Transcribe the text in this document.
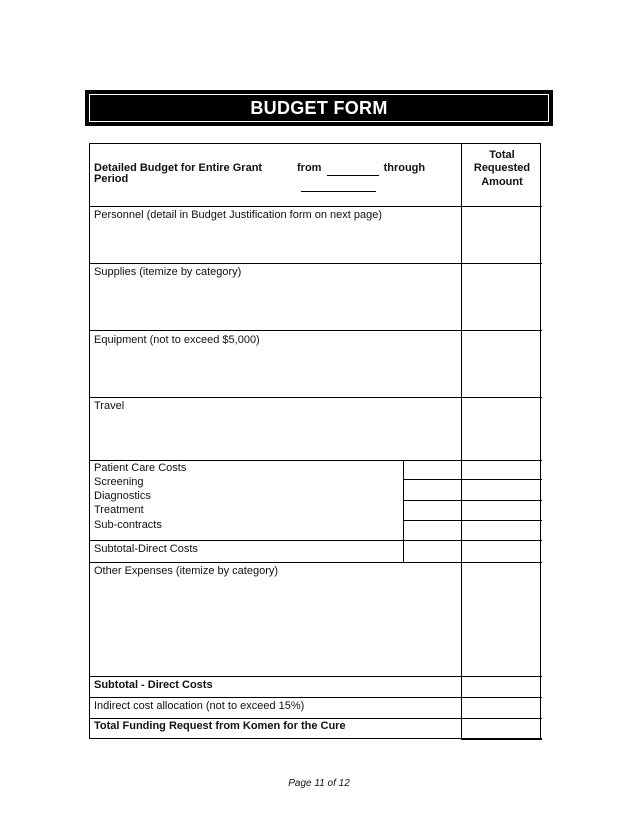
BUDGET FORM
Detailed Budget for Entire Grant
Period
from	through
Total
Requested
Amount
Personnel (detail in Budget Justification form on next page)
Supplies (itemize by category)
Equipment (not to exceed $5,000)
Travel
Patient Care Costs
Screening
Diagnostics
Treatment
Sub-contracts
Subtotal-Direct Costs
Other Expenses (itemize by category)
Subtotal - Direct Costs
Indirect cost allocation (not to exceed 15%)
Total Funding Request from Komen for the Cure
Page 11 of 12
